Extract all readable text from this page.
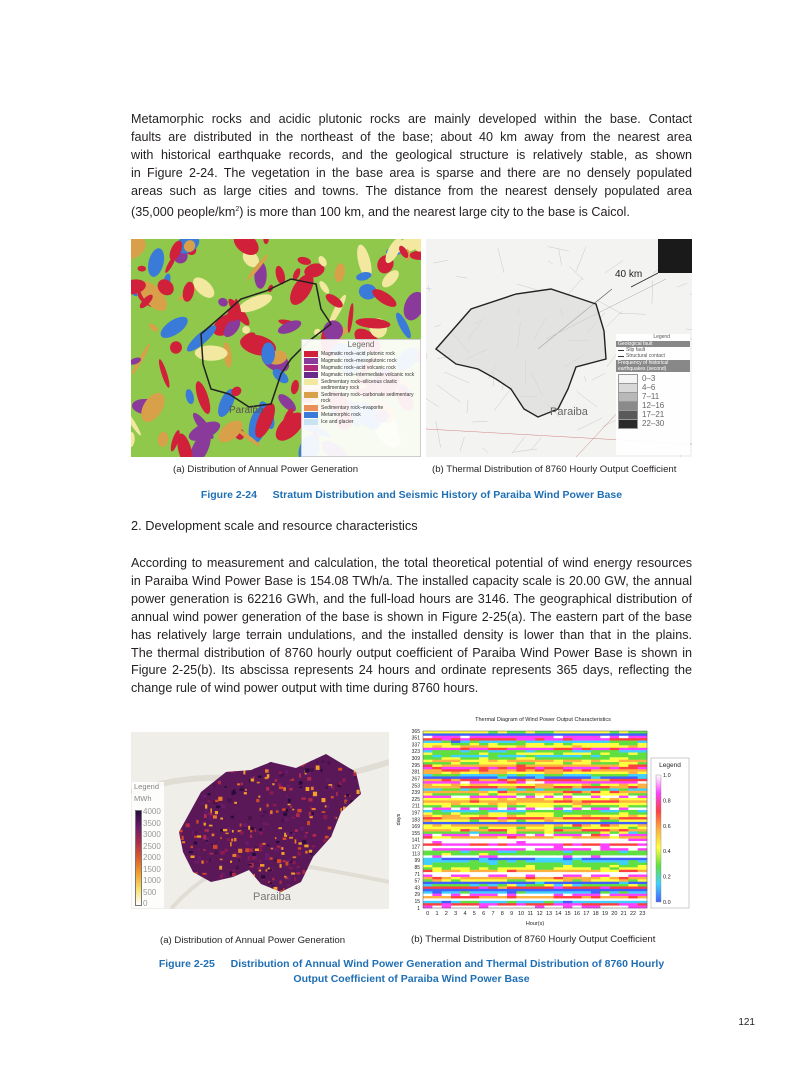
Metamorphic rocks and acidic plutonic rocks are mainly developed within the base. Contact
faults are distributed in the northeast of the base; about 40 km away from the nearest area
with historical earthquake records, and the geological structure is relatively stable, as shown
in Figure 2-24. The vegetation in the base area is sparse and there are no densely populated
areas such as large cities and towns. The distance from the nearest densely populated area
(35,000 people/$km^2$) is more than 100 km, and the nearest large city to the base is Caicol.
Paraiba
Legend
Magmatic rock–acid plutonic rock
Magmatic rock–mesoplutonic rock
Magmatic rock–acid volcanic rock
Magmatic rock–intermediate volcanic rock
Sedimentary rock–siliceous clastic sedimentary rock
Sedimentary rock–carbonate sedimentary rock
Sedimentary rock–evaporite
Metamorphic rock
Ice and glacier
40 km
Paraiba
Legend
Geological fault
Slip fault
Structural contact
Frequency of historical earthquakes (second)
0–3
4–6
7–11
12–16
17–21
22–30
(a) Distribution of Annual Power Generation	(b) Thermal Distribution of 8760 Hourly Output Coefficient
Figure 2-24  Stratum Distribution and Seismic History of Paraiba Wind Power Base
2. Development scale and resource characteristics
According to measurement and calculation, the total theoretical potential of wind energy resources
in Paraiba Wind Power Base is 154.08 TWh/a. The installed capacity scale is 20.00 GW, the annual
power generation is 62216 GWh, and the full-load hours are 3146. The geographical distribution of
annual wind power generation of the base is shown in Figure 2-25(a). The eastern part of the base
has relatively large terrain undulations, and the installed density is lower than that in the plains.
The thermal distribution of 8760 hourly output coefficient of Paraiba Wind Power Base is shown in
Figure 2-25(b). Its abscissa represents 24 hours and ordinate represents 365 days, reflecting the
change rule of wind power output with time during 8760 hours.
Paraiba
Legend
MWh
4000
3500
3000
2500
2000
1500
1000
500
0
Thermal Diagram of Wind Power Output Characteristics
1
15
29
43
57
71
85
99
113
127
141
155
169
183
197
211
225
239
253
267
281
295
309
323
337
351
365
0 1 2 3 4 5 6 7 8 9 10 11 12 13 14 15 16 17 18 19 20 21 22 23
Hour(s)
days
Legend
1.0
0.8
0.6
0.4
0.2
0.0
(a) Distribution of Annual Power Generation	(b) Thermal Distribution of 8760 Hourly Output Coefficient
Figure 2-25  Distribution of Annual Wind Power Generation and Thermal Distribution of 8760 Hourly
Output Coefficient of Paraiba Wind Power Base
121
